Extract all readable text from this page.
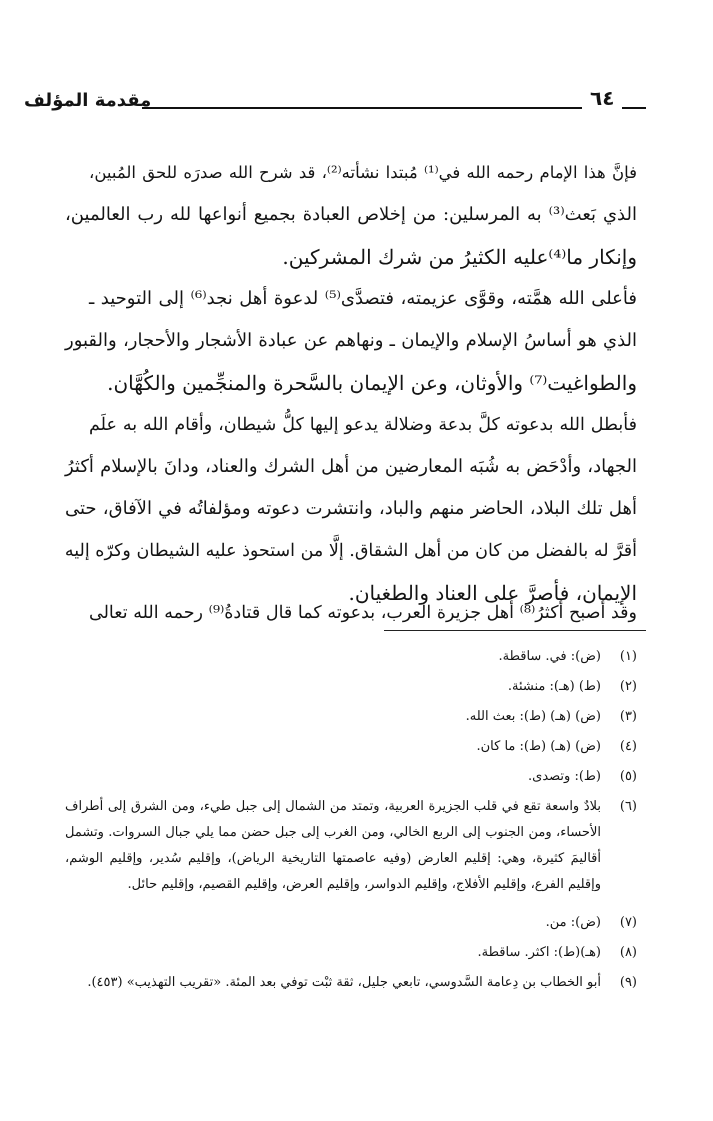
مقدمة المؤلف	٦٤
فإنَّ هذا الإمام رحمه الله في⁽¹⁾ مُبتدا نشأته⁽²⁾، قد شرح الله صدرَه للحق المُبين،
الذي بَعث⁽³⁾ به المرسلين: من إخلاص العبادة بجميع أنواعها لله رب العالمين،
وإنكار ما⁽⁴⁾عليه الكثيرُ من شرك المشركين.
فأعلى الله همَّته، وقوَّى عزيمته، فتصدَّى⁽⁵⁾ لدعوة أهل نجد⁽⁶⁾ إلى التوحيد ـ
الذي هو أساسُ الإسلام والإيمان ـ ونهاهم عن عبادة الأشجار والأحجار، والقبور
والطواغيت⁽⁷⁾ والأوثان، وعن الإيمان بالسَّحرة والمنجِّمين والكُهَّان.
فأبطل الله بدعوته كلَّ بدعة وضلالة يدعو إليها كلُّ شيطان، وأقام الله به علَم
الجهاد، وأدْحَض به شُبَه المعارضين من أهل الشرك والعناد، ودانَ بالإسلام أكثرُ
أهل تلك البلاد، الحاضر منهم والباد، وانتشرت دعوته ومؤلفاتُه في الآفاق، حتى
أقرَّ له بالفضل من كان من أهل الشقاق. إلَّا من استحوذ عليه الشيطان وكرّه إليه
الإيمان، فأصرَّ على العناد والطغيان.
وقد أصبح أكثرُ⁽⁸⁾ أهل جزيرة العرب، بدعوته كما قال قتادةُ⁽⁹⁾ رحمه الله تعالى
(١)
(ض): في. ساقطة.
(٢)
(ط) (هـ): منشئة.
(٣)
(ض) (هـ) (ط): بعث الله.
(٤)
(ض) (هـ) (ط): ما كان.
(٥)
(ط): وتصدى.
(٦)
بلادٌ واسعة تقع في قلب الجزيرة العربية، وتمتد من الشمال إلى جبل طيء، ومن الشرق إلى أطراف الأحساء، ومن الجنوب إلى الربع الخالي، ومن الغرب إلى جبل حضن مما يلي جبال السروات. وتشمل أقاليمَ كثيرة، وهي: إقليم العارض (وفيه عاصمتها التاريخية الرياض)، وإقليم سُدير، وإقليم الوشم، وإقليم الفرع، وإقليم الأفلاج، وإقليم الدواسر، وإقليم العرض، وإقليم القصيم، وإقليم حائل.
(٧)
(ض): من.
(٨)
(هـ)(ط): اكثر. ساقطة.
(٩)
أبو الخطاب بن دِعامة السَّدوسي، تابعي جليل، ثقة ثبْت توفي بعد المئة. «تقريب التهذيب» (٤٥٣).
